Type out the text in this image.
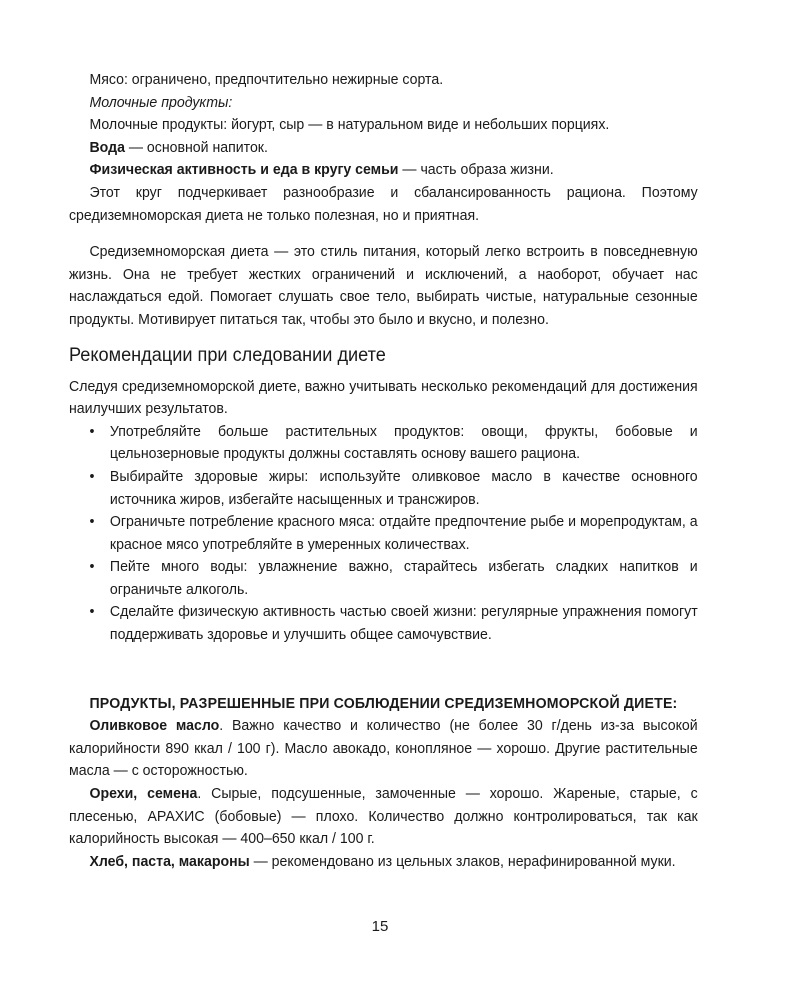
Мясо: ограничено, предпочтительно нежирные сорта.

Молочные продукты:

Молочные продукты: йогурт, сыр — в натуральном виде и небольших порциях.

Вода — основной напиток.

Физическая активность и еда в кругу семьи — часть образа жизни.

Этот круг подчеркивает разнообразие и сбалансированность рациона. Поэтому средиземноморская диета не только полезная, но и приятная.

Средиземноморская диета — это стиль питания, который легко встроить в повседневную жизнь. Она не требует жестких ограничений и исключений, а наоборот, обучает нас наслаждаться едой. Помогает слушать свое тело, выбирать чистые, натуральные сезонные продукты. Мотивирует питаться так, чтобы это было и вкусно, и полезно.

Рекомендации при следовании диете

Следуя средиземноморской диете, важно учитывать несколько рекомендаций для достижения наилучших результатов.

• Употребляйте больше растительных продуктов: овощи, фрукты, бобовые и цельнозерновые продукты должны составлять основу вашего рациона.
• Выбирайте здоровые жиры: используйте оливковое масло в качестве основного источника жиров, избегайте насыщенных и трансжиров.
• Ограничьте потребление красного мяса: отдайте предпочтение рыбе и морепродуктам, а красное мясо употребляйте в умеренных количествах.
• Пейте много воды: увлажнение важно, старайтесь избегать сладких напитков и ограничьте алкоголь.
• Сделайте физическую активность частью своей жизни: регулярные упражнения помогут поддерживать здоровье и улучшить общее самочувствие.

ПРОДУКТЫ, РАЗРЕШЕННЫЕ ПРИ СОБЛЮДЕНИИ СРЕДИЗЕМНОМОРСКОЙ ДИЕТЕ:

Оливковое масло. Важно качество и количество (не более 30 г/день из-за высокой калорийности 890 ккал / 100 г). Масло авокадо, конопляное — хорошо. Другие растительные масла — с осторожностью.

Орехи, семена. Сырые, подсушенные, замоченные — хорошо. Жареные, старые, с плесенью, АРАХИС (бобовые) — плохо. Количество должно контролироваться, так как калорийность высокая — 400–650 ккал / 100 г.

Хлеб, паста, макароны — рекомендовано из цельных злаков, нерафинированной муки.

15
